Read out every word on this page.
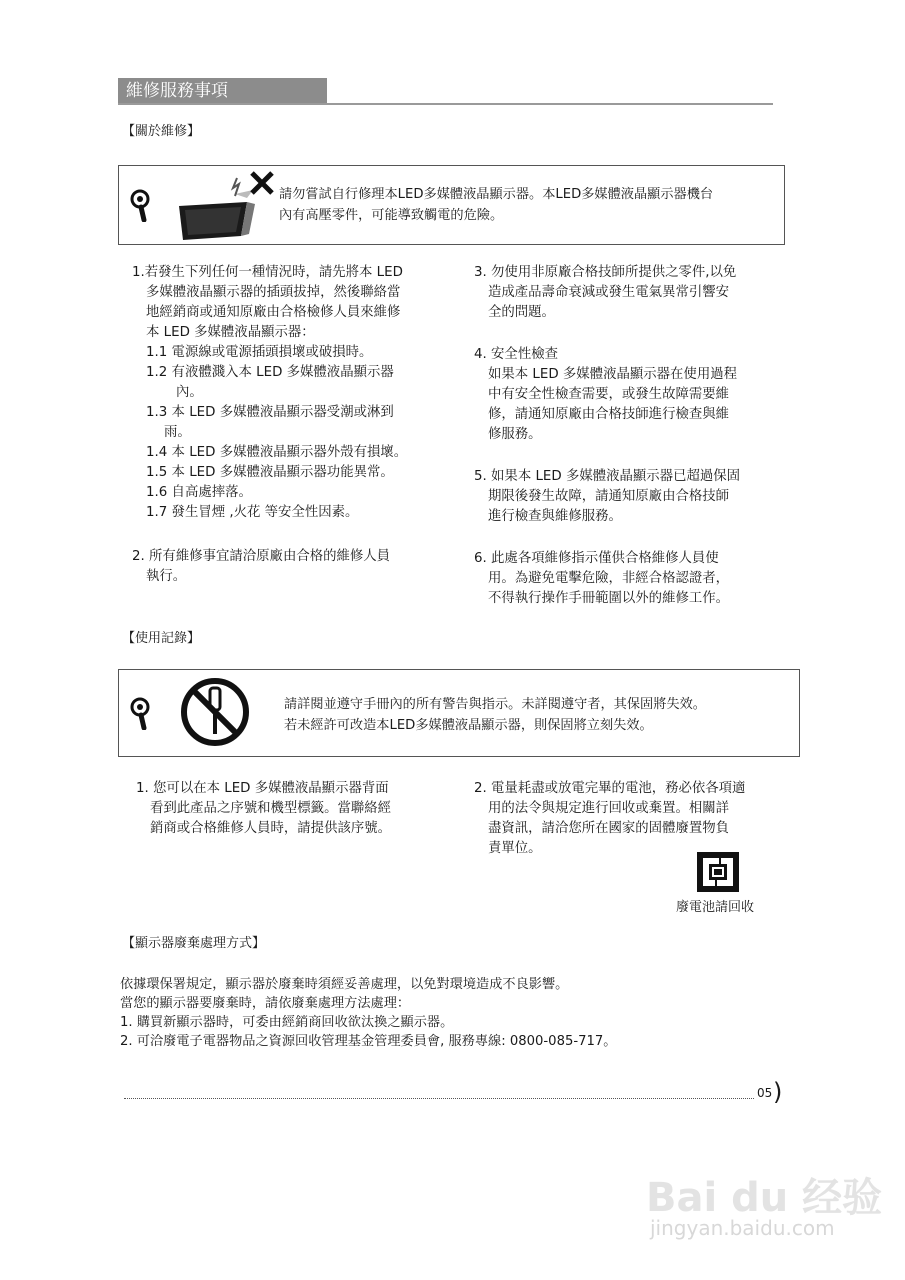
維修服務事項
【關於維修】
請勿嘗試自行修理本LED多媒體液晶顯示器。本LED多媒體液晶顯示器機台
內有高壓零件，可能導致觸電的危險。

1.若發生下列任何一種情況時，請先將本 LED

多媒體液晶顯示器的插頭拔掉，然後聯絡當

地經銷商或通知原廠由合格檢修人員來維修

本 LED 多媒體液晶顯示器：

1.1 電源線或電源插頭損壞或破損時。

1.2 有液體濺入本 LED 多媒體液晶顯示器

內。

1.3 本 LED 多媒體液晶顯示器受潮或淋到

雨。

1.4 本 LED 多媒體液晶顯示器外殼有損壞。

1.5 本 LED 多媒體液晶顯示器功能異常。

1.6 自高處摔落。

1.7 發生冒煙 ,火花 等安全性因素。

2. 所有維修事宜請洽原廠由合格的維修人員

執行。

3. 勿使用非原廠合格技師所提供之零件,以免

造成產品壽命衰減或發生電氣異常引響安

全的問題。

4. 安全性檢查

如果本 LED 多媒體液晶顯示器在使用過程

中有安全性檢查需要，或發生故障需要維

修，請通知原廠由合格技師進行檢查與維

修服務。

5. 如果本 LED 多媒體液晶顯示器已超過保固

期限後發生故障，請通知原廠由合格技師

進行檢查與維修服務。

6. 此處各項維修指示僅供合格維修人員使

用。為避免電擊危險，非經合格認證者，

不得執行操作手冊範圍以外的維修工作。

【使用記錄】
請詳閱並遵守手冊內的所有警告與指示。未詳閱遵守者，其保固將失效。
若未經許可改造本LED多媒體液晶顯示器，則保固將立刻失效。

1. 您可以在本 LED 多媒體液晶顯示器背面

看到此產品之序號和機型標籤。當聯絡經

銷商或合格維修人員時，請提供該序號。

2. 電量耗盡或放電完畢的電池，務必依各項適

用的法令與規定進行回收或棄置。相關詳

盡資訊，請洽您所在國家的固體廢置物負

責單位。

廢電池請回收
【顯示器廢棄處理方式】
依據環保署規定，顯示器於廢棄時須經妥善處理，以免對環境造成不良影響。
當您的顯示器要廢棄時，請依廢棄處理方法處理：
1. 購買新顯示器時，可委由經銷商回收欲汰換之顯示器。
2. 可洽廢電子電器物品之資源回收管理基金管理委員會, 服務專線: 0800-085-717。
05 )
Bai du 经验
jingyan.baidu.com
